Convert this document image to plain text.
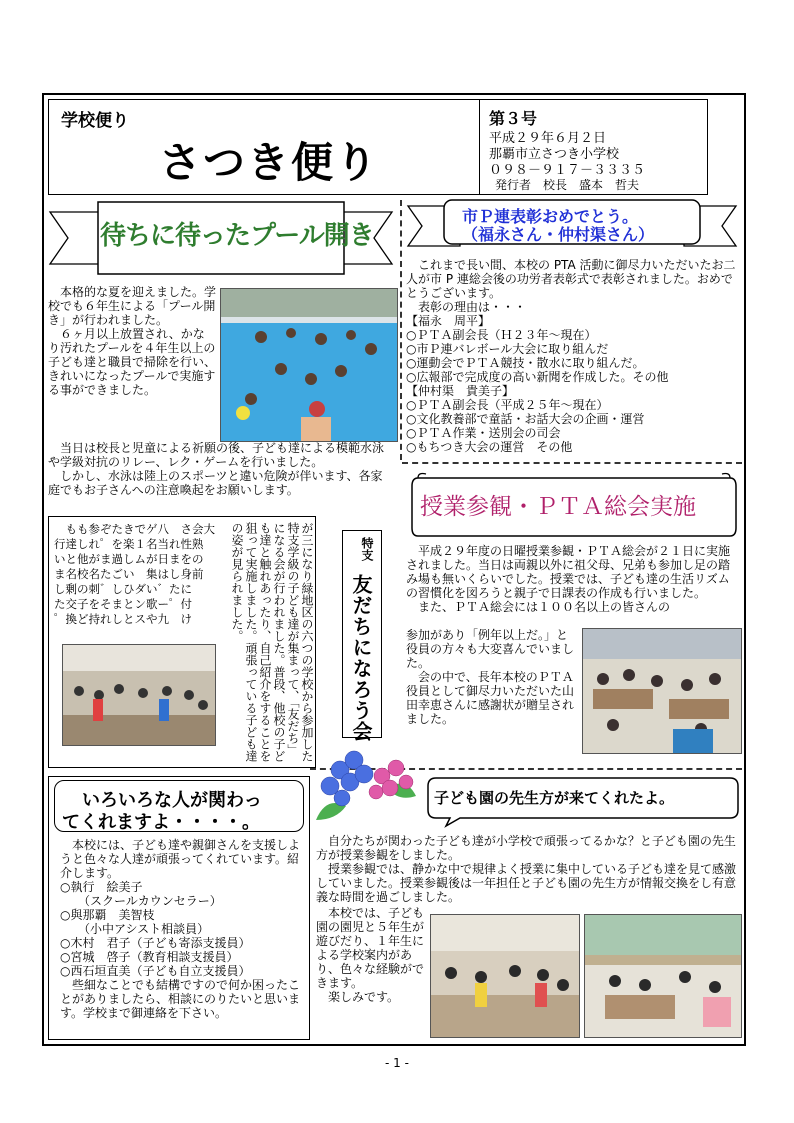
学校便り
さつき便り
第３号
平成２９年６月２日
那覇市立さつき小学校
０９８－９１７－３３３５
発行者　校長　盛本　哲夫
待ちに待ったプール開き
　本格的な夏を迎えました。学校でも６年生による「プール開き」が行われました。
　６ヶ月以上放置され、かなり汚れたプールを４年生以上の子ども達と職員で掃除を行い、きれいになったプールで実施する事ができました。
　当日は校長と児童による祈願の後、子ども達による模範水泳や学級対抗のリレー、レク・ゲームを行いました。
　しかし、水泳は陸上のスポーツと違い危険が伴います、各家庭でもお子さんへの注意喚起をお願いします。
市Ｐ連表彰おめでとう。
（福永さん・仲村渠さん）
　これまで長い間、本校の PTA 活動に御尽力いただいたお二人が市 P 連総会後の功労者表彰式で表彰されました。おめでとうございます。
　表彰の理由は・・・
【福永　周平】
○ＰＴＡ副会長（Ｈ２３年～現在）
○市Ｐ連バレボール大会に取り組んだ
○運動会でＰＴＡ競技・散水に取り組んだ。
○広報部で完成度の高い新聞を作成した。その他
【仲村渠　貴美子】
○ＰＴＡ副会長（平成２５年～現在）
○文化教養部で童話・お話大会の企画・運営
○ＰＴＡ作業・送別会の司会
○もちつき大会の運営　その他
授業参観・ＰＴＡ総会実施
　平成２９年度の日曜授業参観・ＰＴＡ総会が２１日に実施されました。当日は両親以外に祖父母、兄弟も参加し足の踏み場も無いくらいでした。授業では、子ども達の生活リズムの習慣化を図ろうと親子で日課表の作成も行いました。
　また、ＰＴＡ総会には１００名以上の皆さんの
参加があり「例年以上だ。」と役員の方々も大変喜んでいました。
　会の中で、長年本校のＰＴＡ役員として御尽力いただいた山田幸恵さんに感謝状が贈呈されました。
　もも参ぞたきでゲ八　さ会大
行達しれ゜を楽１名当れ性熟
いと他がま過しムが日まをの
ま名校名たごい　集はし身前
し剰の刺゛しひダい゛たに
た交子をそまとン歌ー゜付
゜換ど持れしとスや九　け	が三になり緑地区の六つの学校から参加した特支学級の子ども達が集まって、「友だち」になる会が行われました。普段、他校の子ども達と触れあったり、自己紹介をすることを狙って実施しました。頑張っている子ども達の姿が見られました。	特支
友だちになろう会
いろいろな人が関わっ
てくれますよ・・・・。
　本校には、子ども達や親御さんを支援しようと色々な人達が頑張ってくれています。紹介します。
○執行　絵美子
　　（スクールカウンセラー）
○與那覇　美智枝
　　（小中アシスト相談員）
○木村　君子（子ども寄添支援員）
○宮城　啓子（教育相談支援員）
○西石垣直美（子ども自立支援員）
　些細なことでも結構ですので何か困ったことがありましたら、相談にのりたいと思います。学校まで御連絡を下さい。
子ども園の先生方が来てくれたよ。
　自分たちが関わった子ども達が小学校で頑張ってるかな？と子ども園の先生方が授業参観をしました。
　授業参観では、静かな中で規律よく授業に集中している子ども達を見て感激していました。授業参観後は一年担任と子ども園の先生方が情報交換をし有意義な時間を過ごしました。
　本校では、子ども園の園児と５年生が遊びだり、１年生による学校案内があり、色々な経験ができます。
　楽しみです。
- 1 -
